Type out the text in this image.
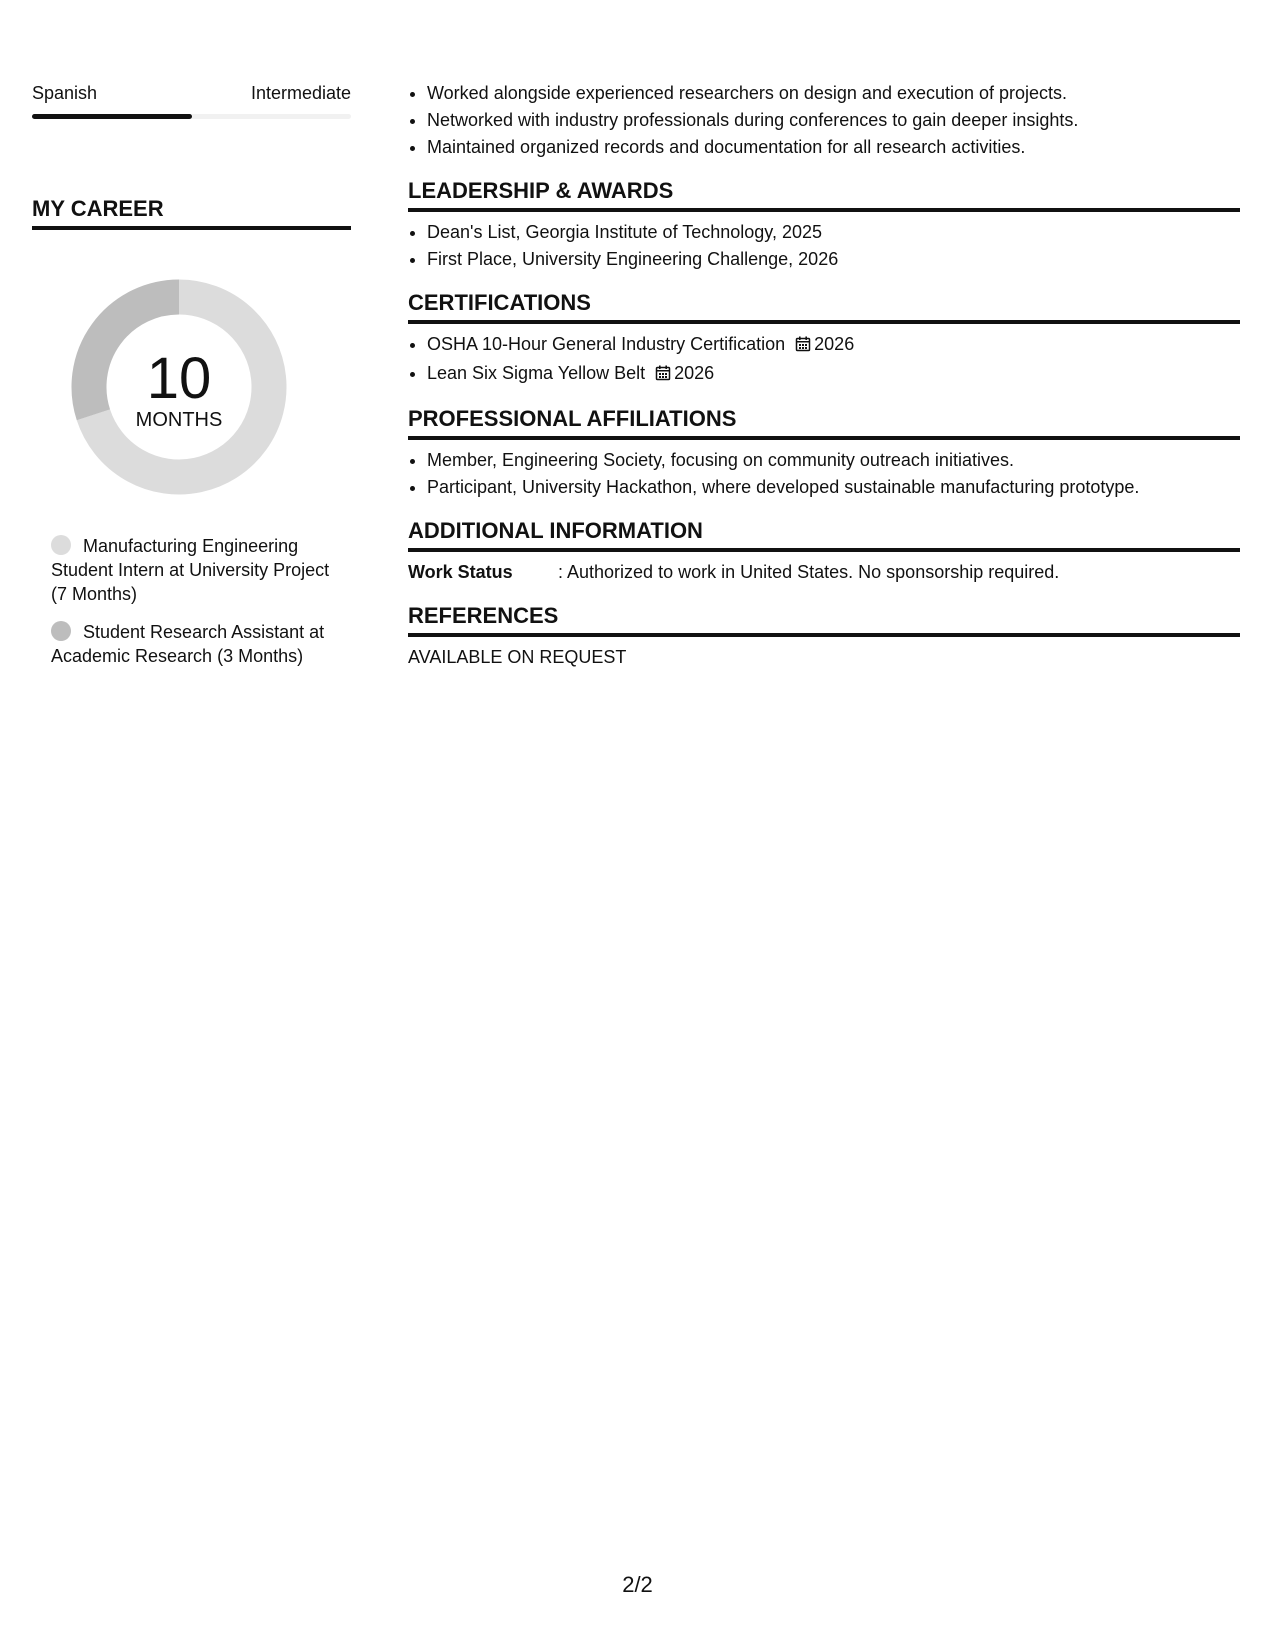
Spanish	Intermediate
MY CAREER
10
MONTHS
Manufacturing Engineering Student Intern at University Project (7 Months)
Student Research Assistant at Academic Research (3 Months)
• Worked alongside experienced researchers on design and execution of projects.
• Networked with industry professionals during conferences to gain deeper insights.
• Maintained organized records and documentation for all research activities.
LEADERSHIP & AWARDS
• Dean's List, Georgia Institute of Technology, 2025
• First Place, University Engineering Challenge, 2026
CERTIFICATIONS
• OSHA 10-Hour General Industry Certification 2026
• Lean Six Sigma Yellow Belt 2026
PROFESSIONAL AFFILIATIONS
• Member, Engineering Society, focusing on community outreach initiatives.
• Participant, University Hackathon, where developed sustainable manufacturing prototype.
ADDITIONAL INFORMATION
Work Status	: Authorized to work in United States. No sponsorship required.
REFERENCES
AVAILABLE ON REQUEST
2/2
